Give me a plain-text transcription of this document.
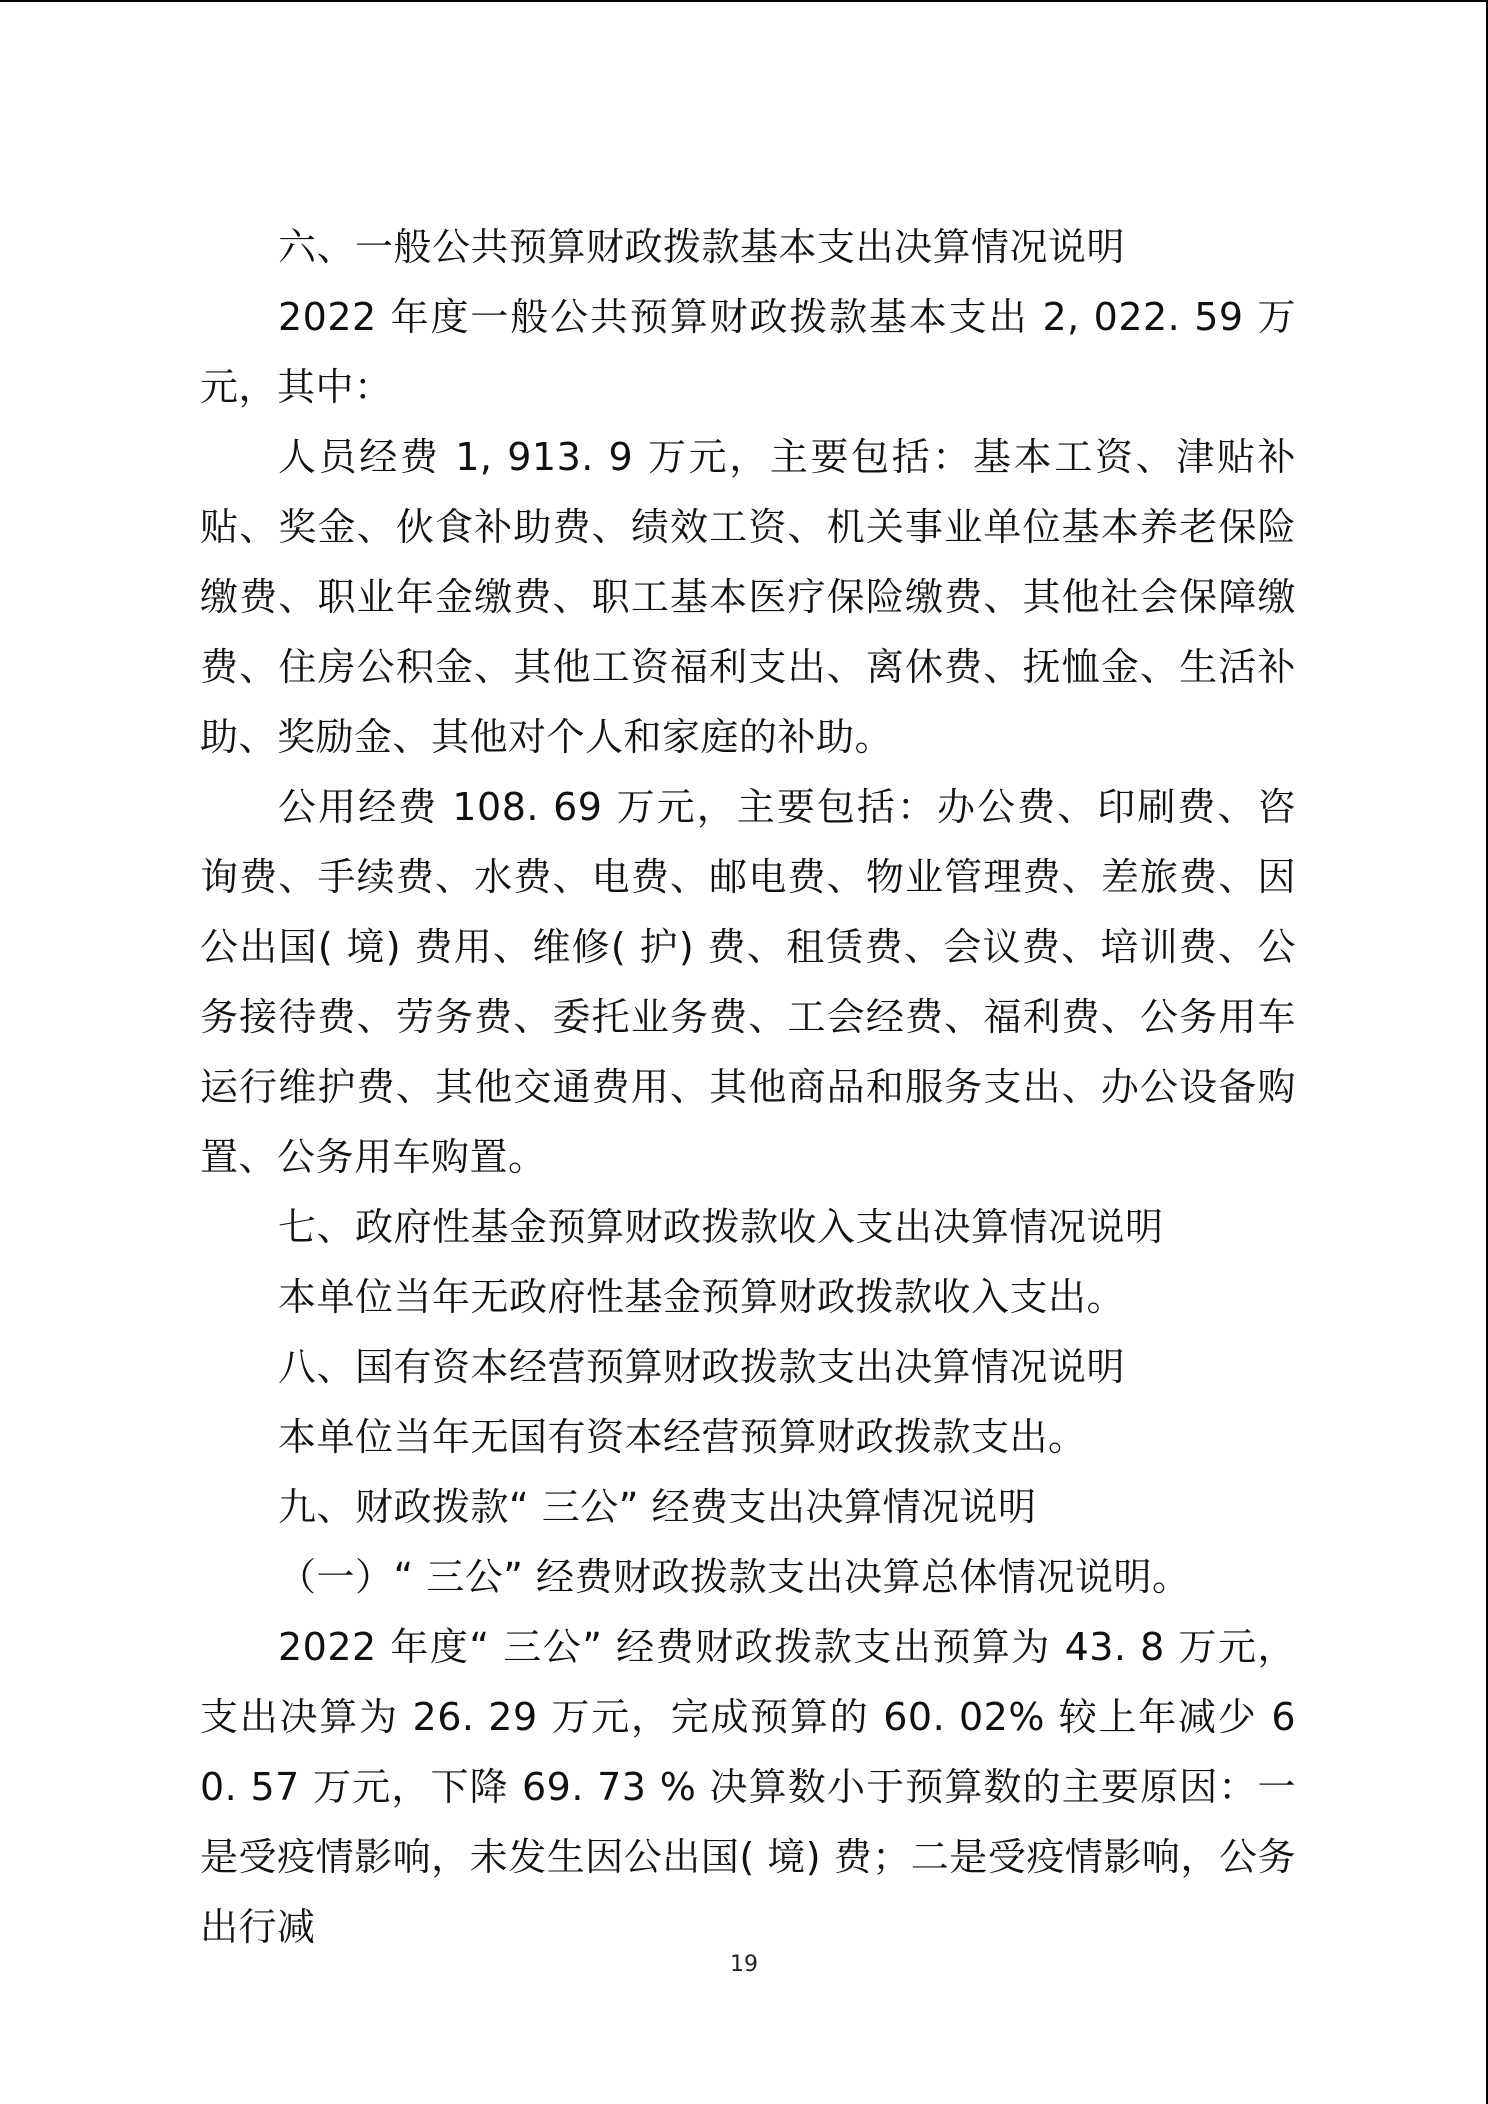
六、一般公共预算财政拨款基本支出决算情况说明

2022 年度一般公共预算财政拨款基本支出 2, 022. 59 万元，其中：

人员经费 1, 913. 9 万元，主要包括：基本工资、津贴补贴、奖金、伙食补助费、绩效工资、机关事业单位基本养老保险缴费、职业年金缴费、职工基本医疗保险缴费、其他社会保障缴费、住房公积金、其他工资福利支出、离休费、抚恤金、生活补助、奖励金、其他对个人和家庭的补助。

公用经费 108. 69 万元，主要包括：办公费、印刷费、咨询费、手续费、水费、电费、邮电费、物业管理费、差旅费、因公出国( 境) 费用、维修( 护) 费、租赁费、会议费、培训费、公务接待费、劳务费、委托业务费、工会经费、福利费、公务用车运行维护费、其他交通费用、其他商品和服务支出、办公设备购置、公务用车购置。

七、政府性基金预算财政拨款收入支出决算情况说明

本单位当年无政府性基金预算财政拨款收入支出。

八、国有资本经营预算财政拨款支出决算情况说明

本单位当年无国有资本经营预算财政拨款支出。

九、财政拨款“ 三公” 经费支出决算情况说明

（一）“ 三公” 经费财政拨款支出决算总体情况说明。

2022 年度“ 三公” 经费财政拨款支出预算为 43. 8 万元，支出决算为 26. 29 万元，完成预算的 60. 02% 较上年减少 60. 57 万元，下降 69. 73 % 决算数小于预算数的主要原因：一是受疫情影响，未发生因公出国( 境) 费；二是受疫情影响，公务出行减

19
